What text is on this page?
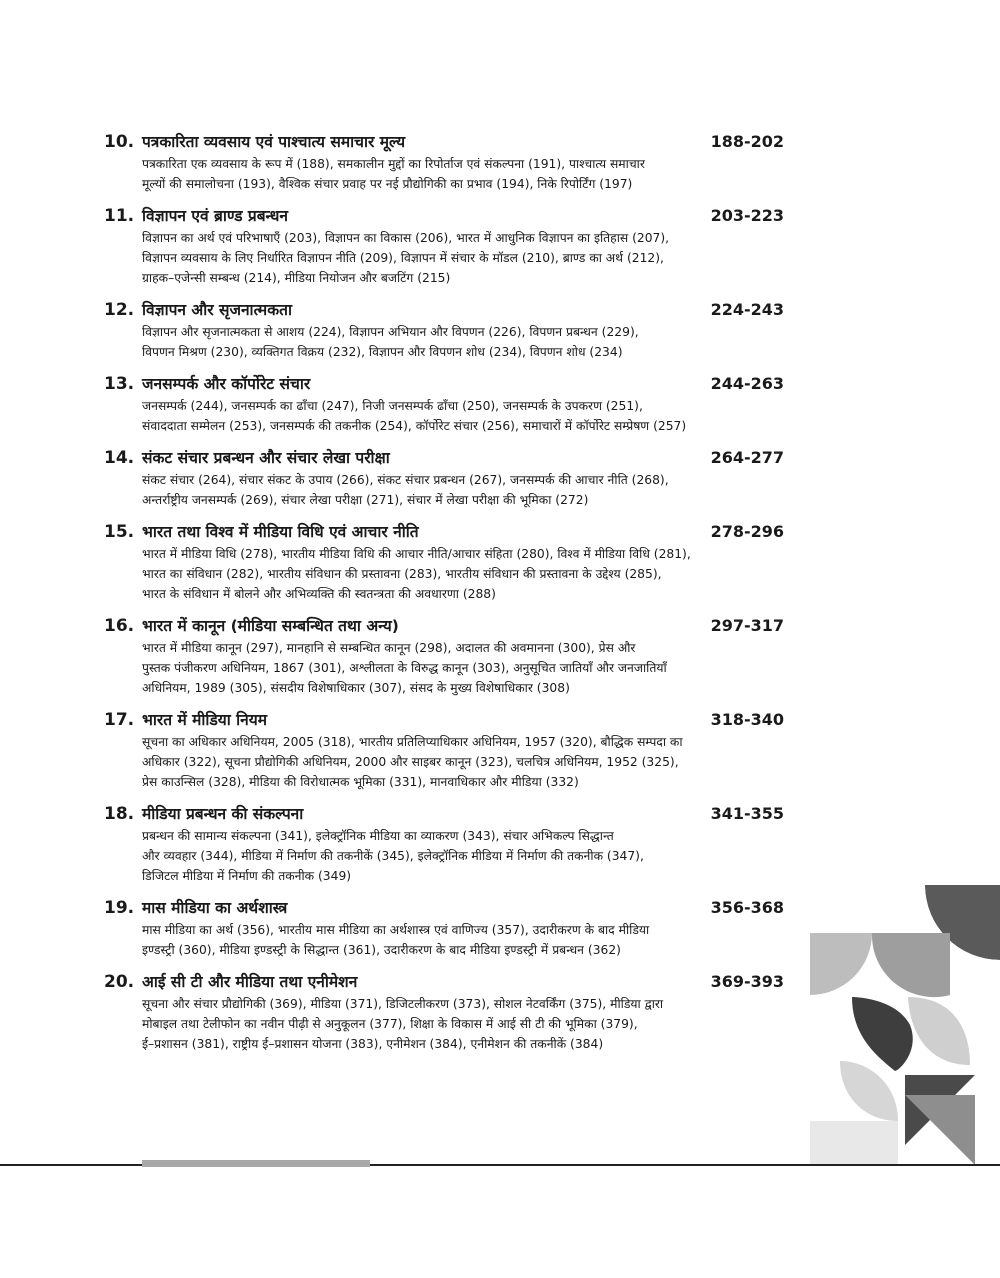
10. पत्रकारिता व्यवसाय एवं पाश्चात्य समाचार मूल्य	188-202
पत्रकारिता एक व्यवसाय के रूप में (188), समकालीन मुद्दों का रिपोर्ताज एवं संकल्पना (191), पाश्चात्य समाचार
मूल्यों की समालोचना (193), वैश्विक संचार प्रवाह पर नई प्रौद्योगिकी का प्रभाव (194), निके रिपोर्टिंग (197)
11. विज्ञापन एवं ब्राण्ड प्रबन्धन	203-223
विज्ञापन का अर्थ एवं परिभाषाएँ (203), विज्ञापन का विकास (206), भारत में आधुनिक विज्ञापन का इतिहास (207),
विज्ञापन व्यवसाय के लिए निर्धारित विज्ञापन नीति (209), विज्ञापन में संचार के मॉडल (210), ब्राण्ड का अर्थ (212),
ग्राहक–एजेन्सी सम्बन्ध (214), मीडिया नियोजन और बजटिंग (215)
12. विज्ञापन और सृजनात्मकता	224-243
विज्ञापन और सृजनात्मकता से आशय (224), विज्ञापन अभियान और विपणन (226), विपणन प्रबन्धन (229),
विपणन मिश्रण (230), व्यक्तिगत विक्रय (232), विज्ञापन और विपणन शोध (234), विपणन शोध (234)
13. जनसम्पर्क और कॉर्पोरेट संचार	244-263
जनसम्पर्क (244), जनसम्पर्क का ढाँचा (247), निजी जनसम्पर्क ढाँचा (250), जनसम्पर्क के उपकरण (251),
संवाददाता सम्मेलन (253), जनसम्पर्क की तकनीक (254), कॉर्पोरेट संचार (256), समाचारों में कॉर्पोरेट सम्प्रेषण (257)
14. संकट संचार प्रबन्धन और संचार लेखा परीक्षा	264-277
संकट संचार (264), संचार संकट के उपाय (266), संकट संचार प्रबन्धन (267), जनसम्पर्क की आचार नीति (268),
अन्तर्राष्ट्रीय जनसम्पर्क (269), संचार लेखा परीक्षा (271), संचार में लेखा परीक्षा की भूमिका (272)
15. भारत तथा विश्व में मीडिया विधि एवं आचार नीति	278-296
भारत में मीडिया विधि (278), भारतीय मीडिया विधि की आचार नीति/आचार संहिता (280), विश्व में मीडिया विधि (281),
भारत का संविधान (282), भारतीय संविधान की प्रस्तावना (283), भारतीय संविधान की प्रस्तावना के उद्देश्य (285),
भारत के संविधान में बोलने और अभिव्यक्ति की स्वतन्त्रता की अवधारणा (288)
16. भारत में कानून (मीडिया सम्बन्धित तथा अन्य)	297-317
भारत में मीडिया कानून (297), मानहानि से सम्बन्धित कानून (298), अदालत की अवमानना (300), प्रेस और
पुस्तक पंजीकरण अधिनियम, 1867 (301), अश्लीलता के विरुद्ध कानून (303), अनुसूचित जातियाँ और जनजातियाँ
अधिनियम, 1989 (305), संसदीय विशेषाधिकार (307), संसद के मुख्य विशेषाधिकार (308)
17. भारत में मीडिया नियम	318-340
सूचना का अधिकार अधिनियम, 2005 (318), भारतीय प्रतिलिप्याधिकार अधिनियम, 1957 (320), बौद्धिक सम्पदा का
अधिकार (322), सूचना प्रौद्योगिकी अधिनियम, 2000 और साइबर कानून (323), चलचित्र अधिनियम, 1952 (325),
प्रेस काउन्सिल (328), मीडिया की विरोधात्मक भूमिका (331), मानवाधिकार और मीडिया (332)
18. मीडिया प्रबन्धन की संकल्पना	341-355
प्रबन्धन की सामान्य संकल्पना (341), इलेक्ट्रॉनिक मीडिया का व्याकरण (343), संचार अभिकल्प सिद्धान्त
और व्यवहार (344), मीडिया में निर्माण की तकनीकें (345), इलेक्ट्रॉनिक मीडिया में निर्माण की तकनीक (347),
डिजिटल मीडिया में निर्माण की तकनीक (349)
19. मास मीडिया का अर्थशास्त्र	356-368
मास मीडिया का अर्थ (356), भारतीय मास मीडिया का अर्थशास्त्र एवं वाणिज्य (357), उदारीकरण के बाद मीडिया
इण्डस्ट्री (360), मीडिया इण्डस्ट्री के सिद्धान्त (361), उदारीकरण के बाद मीडिया इण्डस्ट्री में प्रबन्धन (362)
20. आई सी टी और मीडिया तथा एनीमेशन	369-393
सूचना और संचार प्रौद्योगिकी (369), मीडिया (371), डिजिटलीकरण (373), सोशल नेटवर्किंग (375), मीडिया द्वारा
मोबाइल तथा टेलीफोन का नवीन पीढ़ी से अनुकूलन (377), शिक्षा के विकास में आई सी टी की भूमिका (379),
ई–प्रशासन (381), राष्ट्रीय ई–प्रशासन योजना (383), एनीमेशन (384), एनीमेशन की तकनीकें (384)
